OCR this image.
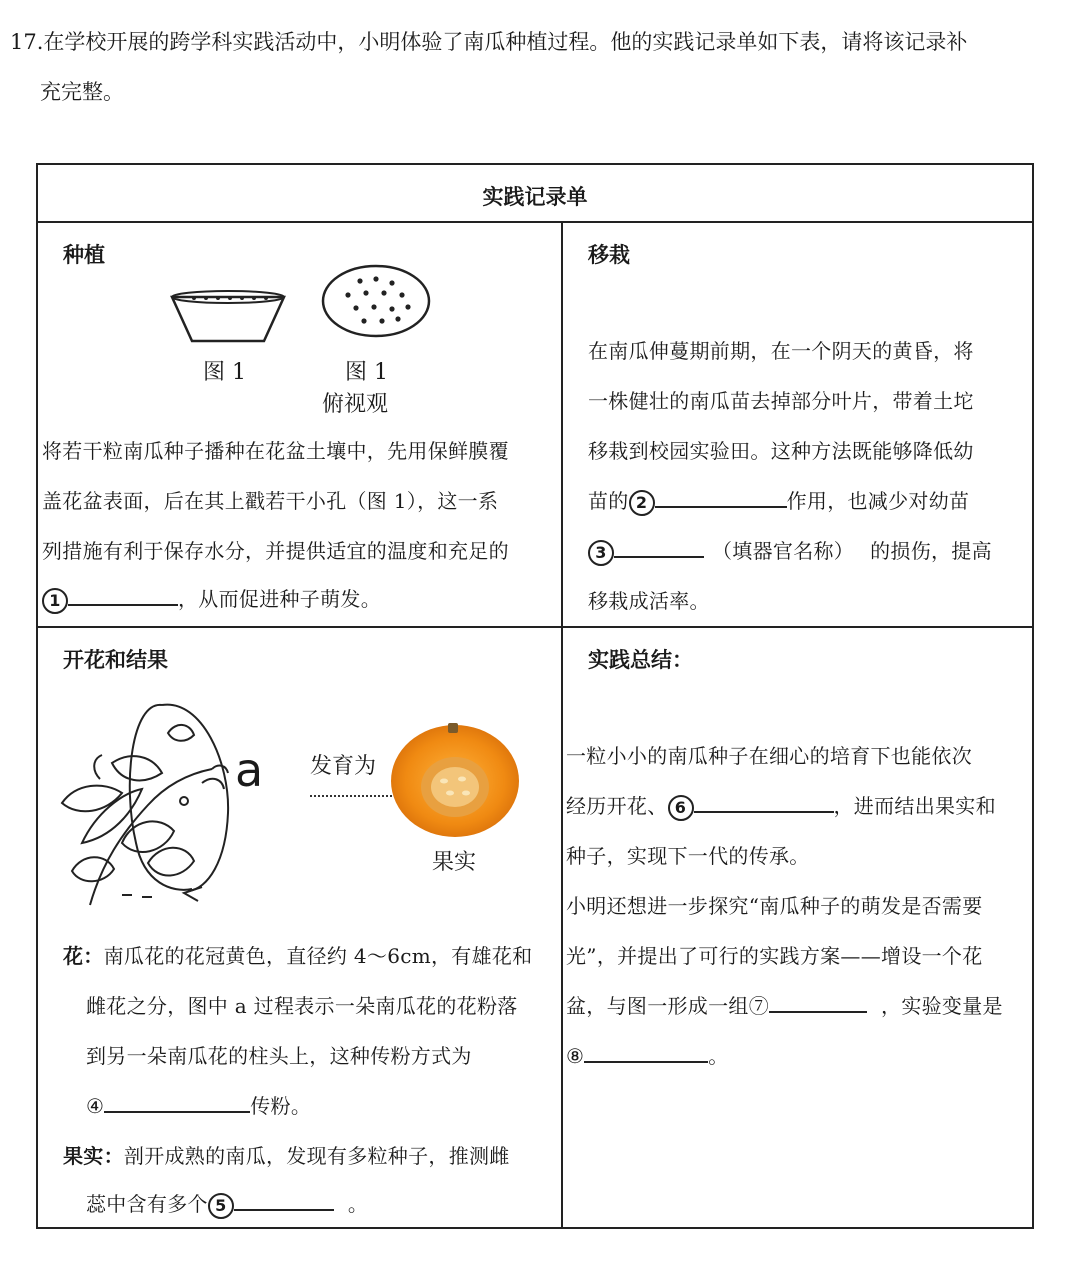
17.在学校开展的跨学科实践活动中，小明体验了南瓜种植过程。他的实践记录单如下表，请将该记录补
充完整。
实践记录单
种植
图 1	图 1
俯视观
将若干粒南瓜种子播种在花盆土壤中，先用保鲜膜覆
盖花盆表面，后在其上戳若干小孔（图 1），这一系
列措施有利于保存水分，并提供适宜的温度和充足的
1	，从而促进种子萌发。
移栽
在南瓜伸蔓期前期，在一个阴天的黄昏，将
一株健壮的南瓜苗去掉部分叶片，带着土坨
移栽到校园实验田。这种方法既能够降低幼
苗的 2	作用，也减少对幼苗
3	（填器官名称） 的损伤，提高
移栽成活率。
开花和结果
a 发育为
果实
花：南瓜花的花冠黄色，直径约 4～6cm，有雄花和
雌花之分，图中 a 过程表示一朵南瓜花的花粉落
到另一朵南瓜花的柱头上，这种传粉方式为
④	传粉。
果实：剖开成熟的南瓜，发现有多粒种子，推测雌
蕊中含有多个 5	。
实践总结：
一粒小小的南瓜种子在细心的培育下也能依次
经历开花、 6	，进而结出果实和
种子，实现下一代的传承。
小明还想进一步探究“南瓜种子的萌发是否需要
光”，并提出了可行的实践方案——增设一个花
盆，与图一形成一组⑦	，实验变量是
⑧	。
